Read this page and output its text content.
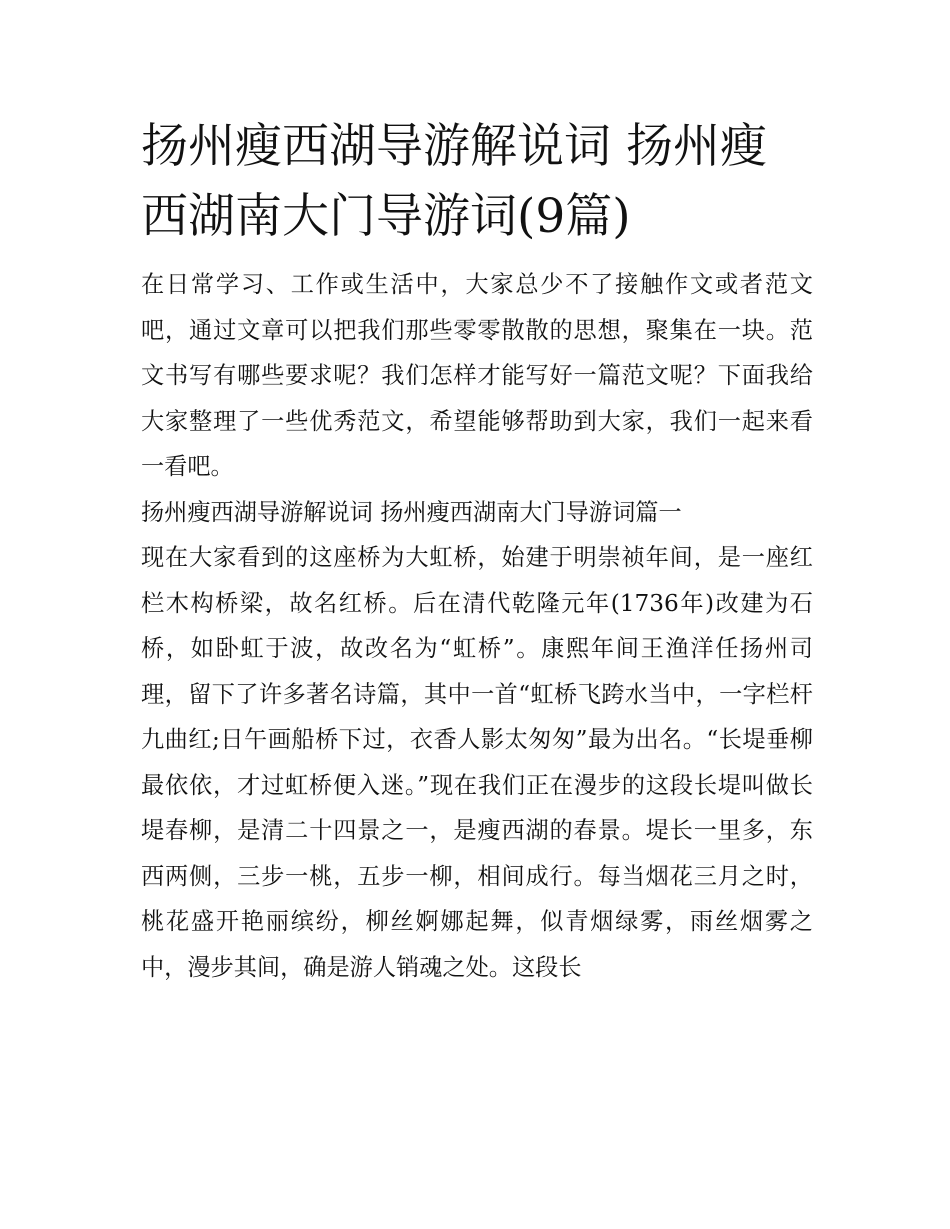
扬州瘦西湖导游解说词 扬州瘦西湖南大门导游词(9篇)

在日常学习、工作或生活中，大家总少不了接触作文或者范文吧，通过文章可以把我们那些零零散散的思想，聚集在一块。范文书写有哪些要求呢？我们怎样才能写好一篇范文呢？下面我给大家整理了一些优秀范文，希望能够帮助到大家，我们一起来看一看吧。

扬州瘦西湖导游解说词 扬州瘦西湖南大门导游词篇一

现在大家看到的这座桥为大虹桥，始建于明崇祯年间，是一座红栏木构桥梁，故名红桥。后在清代乾隆元年(1736年)改建为石桥，如卧虹于波，故改名为“虹桥”。康熙年间王渔洋任扬州司理，留下了许多著名诗篇，其中一首“虹桥飞跨水当中，一字栏杆九曲红;日午画船桥下过，衣香人影太匆匆”最为出名。“长堤垂柳最依依，才过虹桥便入迷。”现在我们正在漫步的这段长堤叫做长堤春柳，是清二十四景之一，是瘦西湖的春景。堤长一里多，东西两侧，三步一桃，五步一柳，相间成行。每当烟花三月之时，桃花盛开艳丽缤纷，柳丝婀娜起舞，似青烟绿雾，雨丝烟雾之中，漫步其间，确是游人销魂之处。这段长
